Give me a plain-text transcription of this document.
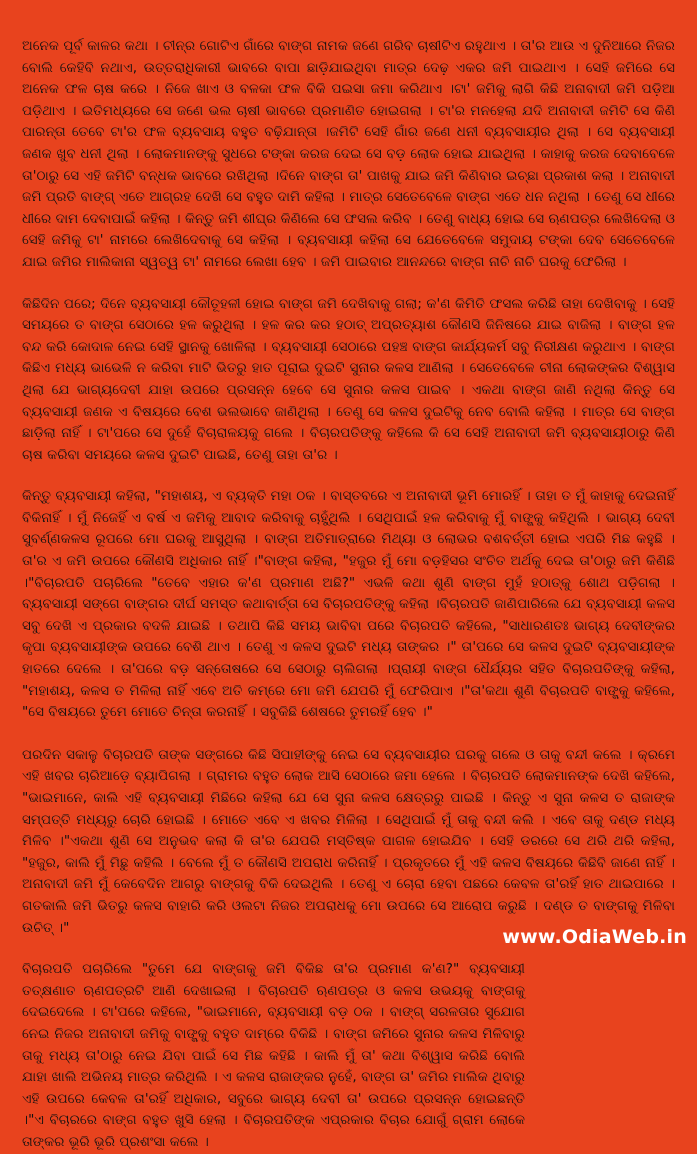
ଅନେକ ପୂର୍ବ କାଳର କଥା । ଚୀନ୍ର ଗୋଟିଏ ଗାଁରେ ବାଙ୍ଗ ନାମକ ଜଣେ ଗରିବ ଚାଷୀଟିଏ ରହୁଥାଏ । ତା'ର ଆଉ ଏ ଦୁନିଆରେ ନିଜର ବୋଲି କେହିବି ନଥାଏ, ଉତ୍ତରାଧିକାରୀ ଭାବରେ ବାପା ଛାଡ଼ିଯାଇଥିବା ମାତ୍ର ଦେଢ଼ ଏକର ଜମି ପାଇଥାଏ । ସେହି ଜମିରେ ସେ ଅନେକ ଫଳ ଚାଷ କରେ । ନିଜେ ଖାଏ ଓ ବଳକା ଫଳ ବିକି ପଇସା ଜମା କରିଥାଏ ।ଟା' ଜମିକୁ ଲାଗି କିଛି ଅନାବାଦୀ ଜମି ପଡ଼ିଆ ପଡ଼ିଥାଏ । ଇତିମଧ୍ୟରେ ସେ ଜଣେ ଭଲ ଚାଷୀ ଭାବରେ ପ୍ରମାଣିତ ହୋଇଗଲା । ଟା'ର ମନହେଲା ଯଦି ଅନାବାଦୀ ଜମିଟି ସେ କିଣି ପାରନ୍ତା ତେବେ ଟା'ର ଫଳ ବ୍ୟବସାୟ ବହୁତ ବଢ଼ିଯାନ୍ତା ।ଜମିଟି ସେହି ଗାଁର ଜଣେ ଧନୀ ବ୍ୟବସାୟୀର ଥିଲା । ସେ ବ୍ୟବସାୟୀ ଜଣକ ଖୁବ ଧନୀ ଥିଲା । ଲୋକମାନଙ୍କୁ ସୁଧରେ ଟଙ୍କା କରଜ ଦେଇ ସେ ବଡ଼ ଲୋକ ହୋଇ ଯାଇଥିଲା । କାହାକୁ କରଜ ଦେବାବେଳେ ତା'ଠାରୁ ସେ ଏହି ଜମିଟି ବନ୍ଧକ ଭାବରେ ରଖିଥିଲା ।ଦିନେ ବାଙ୍ଗ ତା' ପାଖକୁ ଯାଇ ଜମି କିଣିବାର ଇଚ୍ଛା ପ୍ରକାଶ କଲା । ଅନାବାଦୀ ଜମି ପ୍ରତି ବାଙ୍ଗ୍ ଏତେ ଆଗ୍ରହ ଦେଖି ସେ ବହୁତ ଦାମି କହିଲା । ମାତ୍ର ସେତେବେଳେ ବାଙ୍ଗ ଏତେ ଧନ ନଥିଲା । ତେଣୁ ସେ ଧୀରେ ଧୀରେ ଦାମ ଦେବାପାଇଁ କହିଲା । କିନ୍ତୁ ଜମି ଶୀଘ୍ର କିଣିଲେ ସେ ଫସଲ କରିବ । ତେଣୁ ବାଧ୍ୟ ହୋଇ ସେ ଋଣପତ୍ର ଲେଖିଦେଲା ଓ ସେହି ଜମିକୁ ଟା' ନାମରେ ଲେଖିଦେବାକୁ ସେ କହିଲା । ବ୍ୟବସାୟୀ କହିଲା ସେ ଯେତେବେଳେ ସମୁଦାୟ ଟଙ୍କା ଦେବ ସେତେବେଳେ ଯାଇ ଜମିର ମାଲିକାନା ସ୍ୱତ୍ୱ ଟା' ନାମରେ ଲେଖା ହେବ । ଜମି ପାଇବାର ଆନନ୍ଦରେ ବାଙ୍ଗ ନାଚି ନାଚି ଘରକୁ ଫେରିଲା ।

କିଛିଦିନ ପରେ; ଦିନେ ବ୍ୟବସାୟୀ କୌତୂହଳୀ ହୋଇ ବାଙ୍ଗ ଜମି ଦେଖିବାକୁ ଗଲା; କ'ଣ କିମିତି ଫସଲ କରିଛି ତାହା ଦେଖିବାକୁ । ସେହି ସମୟରେ ତ ବାଙ୍ଗ ସେଠାରେ ହଳ କରୁଥିଲା । ହଳ କର କର ହଠାତ୍ ଅପ୍ରତ୍ୟାଶ କୌଣସି ଜିନିଷରେ ଯାଇ ବାଜିଲା । ବାଙ୍ଗ ହଳ ବନ୍ଦ କରି କୋଦାଳ ନେଇ ସେହି ସ୍ଥାନକୁ ଖୋଳିଲା । ବ୍ୟବସାୟୀ ସେଠାରେ ପହଞ୍ଚ ବାଙ୍ଗ କାର୍ଯ୍ୟକର୍ମ ସବୁ ନିରୀକ୍ଷଣ କରୁଥାଏ । ବାଙ୍ଗ କିଛିଏ ମଧ୍ୟ ଭାଭେଳି ନ କରିବା ମାଟି ଭିତରୁ ହାତ ପୂରାଇ ଦୁଇଟି ସୁନାର କଳସ ଆଣିଲା । ସେତେବେଳେ ଚୀନା ଲୋକଙ୍କର ବିଶ୍ୱାସ ଥିଲା ଯେ ଭାଗ୍ୟଦେବୀ ଯାହା ଉପରେ ପ୍ରସନ୍ନ ହେବେ ସେ ସୁନାର କଳସ ପାଇବ । ଏକଥା ବାଙ୍ଗ ଜାଣି ନଥିଲା କିନ୍ତୁ ସେ ବ୍ୟବସାୟୀ ଜଣକ ଏ ବିଷୟରେ ବେଶ ଭଲଭାବେ ଜାଣିଥିଲା । ତେଣୁ ସେ କଳସ ଦୁଇଟିକୁ ନେବ ବୋଲି କହିଲା । ମାତ୍ର ସେ ବାଙ୍ଗ ଛାଡ଼ିଲା ନାହିଁ । ଟା'ପରେ ସେ ଦୁହେଁ ବିଚାରାଳୟକୁ ଗଲେ । ବିଚାରପତିଙ୍କୁ କହିଲେ କି ସେ ସେହି ଅନାବାଦୀ ଜମି ବ୍ୟବସାୟୀଠାରୁ କିଣି ଚାଷ କରିବା ସମୟରେ କଳସ ଦୁଇଟି ପାଇଛି, ତେଣୁ ତାହା ତା'ର ।

କିନ୍ତୁ ବ୍ୟବସାୟୀ କହିଲା, "ମହାଶୟ, ଏ ବ୍ୟକ୍ତି ମହା ଠକ । ବାସ୍ତବରେ ଏ ଅନାବାଦୀ ଭୂମି ମୋରହିଁ । ତାହା ତ ମୁଁ କାହାକୁ ଦେଇନାହିଁ ବିକିନାହିଁ । ମୁଁ ନିଜେହିଁ ଏ ବର୍ଷ ଏ ଜମିକୁ ଆବାଦ କରିବାକୁ ଚାହୁଁଥିଲି । ସେଥିପାଇଁ ହଳ କରିବାକୁ ମୁଁ ବାଙ୍ଗ୍କୁ କହିଥିଲି । ଭାଗ୍ୟ ଦେବୀ ସୁବର୍ଣ୍ଣକଳସ ରୂପରେ ମୋ ଘରକୁ ଆସୁଥିଲା । ବାଙ୍ଗ ଅତିମାତ୍ରାରେ ମିଥ୍ୟା ଓ ଲୋଭର ବଶବର୍ତ୍ତୀ ହୋଇ ଏପରି ମିଛ କହୁଛି । ତା'ର ଏ ଜମି ଉପରେ କୌଣସି ଅଧିକାର ନାହିଁ ।"ବାଙ୍ଗ କହିଲା, "ହଜୁର ମୁଁ ମୋ ବଡ଼ହିସର ସଂଚିତ ଅର୍ଥକୁ ଦେଇ ତା'ଠାରୁ ଜମି କିଣିଛି ।"ବିଚାରପତି ପଚାରିଲେ "ତେବେ ଏହାର କ'ଣ ପ୍ରମାଣ ଅଛି?" ଏଭଳି କଥା ଶୁଣି ବାଙ୍ଗ ମୁହଁ ହଠାତ୍କୁ ଶୋଥ ପଡ଼ିଗଲା । ବ୍ୟବସାୟୀ ସଙ୍ଗେ ବାଙ୍ଗର ଦୀର୍ଘ ସମସ୍ତ କଥାବାର୍ତ୍ତା ସେ ବିଚାରପତିଙ୍କୁ କହିଲା ।ବିଚାରପତି ଜାଣିପାରିଲେ ଯେ ବ୍ୟବସାୟୀ କଳସ ସବୁ ଦେଖି ଏ ପ୍ରକାର ବଦଳି ଯାଇଛି । ତଥାପି କିଛି ସମୟ ଭାବିବା ପରେ ବିଚାରପତି କହିଲେ, "ସାଧାରଣତଃ ଭାଗ୍ୟ ଦେବୀଙ୍କର କୃପା ବ୍ୟବସାୟୀଙ୍କ ଉପରେ ବେଶି ଥାଏ । ତେଣୁ ଏ କଳସ ଦୁଇଟି ମଧ୍ୟ ତାଙ୍କର ।" ତା'ପରେ ସେ କଳସ ଦୁଇଟି ବ୍ୟବସାୟୀଙ୍କ ହାତରେ ଦେଲେ । ତା'ପରେ ବଡ଼ ସନ୍ତୋଷରେ ସେ ସେଠାରୁ ଚାଲିଗଲା ।ପ୍ରାୟୀ ବାଙ୍ଗ ଧୈର୍ଯ୍ୟର ସହିତ ବିଚାରପତିଙ୍କୁ କହିଲା, "ମହାଶୟ, କଳସ ତ ମିଳିଲା ନାହିଁ ଏବେ ଅତି କମ୍ରେ ମୋ ଜମି ଯେପରି ମୁଁ ଫେରିପାଏ ।"ତା'କଥା ଶୁଣି ବିଚାରପତି ବାଙ୍ଗ୍କୁ କହିଲେ, "ସେ ବିଷୟରେ ତୁମେ ମୋତେ ଚିନ୍ତା କରନାହିଁ । ସବୁକିଛି ଶେଷରେ ତୁମରହିଁ ହେବ ।"

ପରଦିନ ସକାଳୁ ବିଚାରପତି ତାଙ୍କ ସଙ୍ଗରେ କିଛି ସିପାହୀଙ୍କୁ ନେଇ ସେ ବ୍ୟବସାୟୀର ଘରକୁ ଗଲେ ଓ ତାକୁ ବନ୍ଦୀ କଲେ । କ୍ରମେ ଏହି ଖବର ଚାରିଆଡ଼େ ବ୍ୟାପିଗଲା । ଗ୍ରାମର ବହୁତ ଲୋକ ଆସି ସେଠାରେ ଜମା ହେଲେ । ବିଚାରପତି ଲୋକମାନଙ୍କ ଦେଖି କହିଲେ, "ଭାଇମାନେ, କାଲି ଏହି ବ୍ୟବସାୟୀ ମିଛିରେ କହିଲା ଯେ ସେ ସୁନା କଳସ କ୍ଷେତ୍ରରୁ ପାଇଛି । କିନ୍ତୁ ଏ ସୁନା କଳସ ତ ରାଜାଙ୍କ ସମ୍ପତ୍ତି ମଧ୍ୟରୁ ଚୋରି ହୋଇଛି । ମୋତେ ଏବେ ଏ ଖବର ମିଳିଲା । ସେଥିପାଇଁ ମୁଁ ତାକୁ ବନ୍ଦୀ କଲି । ଏବେ ତାକୁ ଦଣ୍ଡ ମଧ୍ୟ ମିଳିବ ।"ଏକଥା ଶୁଣି ସେ ଅନୁଭବ କଲା କି ତା'ର ଯେପରି ମସ୍ତିଷ୍କ ପାଗଳ ହୋଇଯିବ । ସେହି ଡରରେ ସେ ଥରି ଥରି କହିଲା, "ହଜୁର, କାଲି ମୁଁ ମିଛୁ କହିଲି । ବେଲେ ମୁଁ ତ କୌଣସି ଅପରାଧ କରିନାହିଁ । ପ୍ରକୃତରେ ମୁଁ ଏହି କଳସ ବିଷୟରେ କିଛିବି ଜାଣେ ନାହିଁ । ଅନାବାଦୀ ଜମି ମୁଁ କେବେଦିନ ଆଗରୁ ବାଙ୍ଗକୁ ବିକି ଦେଇଥିଲି । ତେଣୁ ଏ ଚୋରା ହେବା ପଛରେ କେବଳ ତା'ରହିଁ ହାତ ଥାଇପାରେ । ଗତକାଲି ଜମି ଭିତରୁ କଳସ ବାହାରି କରି ଓଲଟା ନିଜର ଅପରାଧକୁ ମୋ ଉପରେ ସେ ଆରୋପ କରୁଛି । ଦଣ୍ଡ ତ ବାଙ୍ଗକୁ ମିଳିବା ଉଚିତ୍ ।"

ବିଚାରପତି ପଚାରିଲେ "ତୁମେ ଯେ ବାଙ୍ଗକୁ ଜମି ବିକିଛ ତା'ର ପ୍ରମାଣ କ'ଣ?" ବ୍ୟବସାୟୀ ତତ୍କ୍ଷଣାତ ଋଣପତ୍ରଟି ଆଣି ଦେଖାଇଲା । ବିଚାରପତି ଋଣପତ୍ର ଓ କଳସ ଉଭୟକୁ ବାଙ୍ଗକୁ ଦେଇଦେଲେ । ଟା'ପରେ କହିଲେ, "ଭାଇମାନେ, ବ୍ୟବସାୟୀ ବଡ଼ ଠକ । ବାଙ୍ଗ୍ ସରଳତାର ସୁଯୋଗ ନେଇ ନିଜର ଅନାବାଦୀ ଜମିକୁ ବାଙ୍ଗ୍କୁ ବହୁତ ଦାମ୍ରେ ବିକିଛି । ବାଙ୍ଗ ଜମିରେ ସୁନାର କଳସ ମିଳିବାରୁ ତାକୁ ମଧ୍ୟ ତା'ଠାରୁ ନେଇ ଯିବା ପାଇଁ ସେ ମିଛ କହିଛି । କାଲି ମୁଁ ତା' କଥା ବିଶ୍ୱାସ କରିଛି ବୋଲି ଯାହା ଖାଲି ଅଭିନୟ ମାତ୍ର କରିଥିଲି । ଏ କଳସ ରାଜାଙ୍କର ନୁହେଁ, ବାଙ୍ଗ ତା' ଜମିର ମାଲିକ ଥିବାରୁ ଏହି ଉପରେ କେବଳ ତା'ରହିଁ ଅଧିକାର, ସବୁରେ ଭାଗ୍ୟ ଦେବୀ ତା' ଉପରେ ପ୍ରସନ୍ନ ହୋଇଛନ୍ତି ।"ଏ ବିଚାରରେ ବାଙ୍ଗ ବହୁତ ଖୁସି ହେଲା । ବିଚାରପତିଙ୍କ ଏପ୍ରକାର ବିଚାର ଯୋଗୁଁ ଗ୍ରାମ ଲୋକେ ତାଙ୍କର ଭୂରି ଭୂରି ପ୍ରଶଂସା କଲେ ।

www.OdiaWeb.in
